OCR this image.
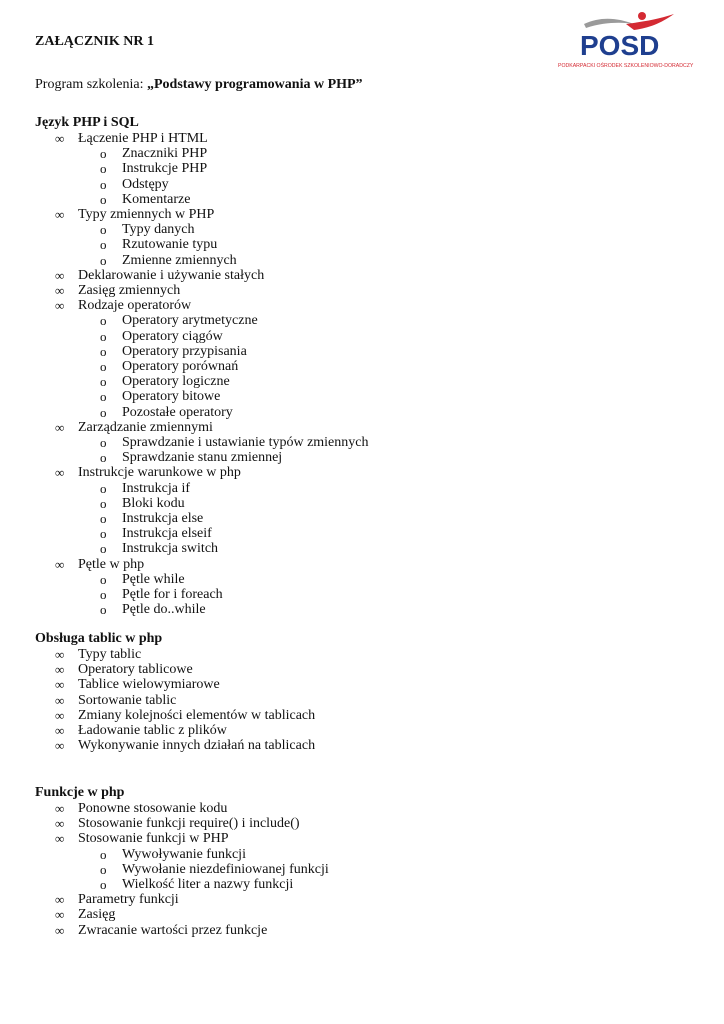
ZAŁĄCZNIK NR 1	POSD
PODKARPACKI OŚRODEK SZKOLENIOWO-DORADCZY
Program szkolenia: „Podstawy programowania w PHP”
Język PHP i SQL
∞ Łączenie PHP i HTML
o Znaczniki PHP
o Instrukcje PHP
o Odstępy
o Komentarze
∞ Typy zmiennych w PHP
o Typy danych
o Rzutowanie typu
o Zmienne zmiennych
∞ Deklarowanie i używanie stałych
∞ Zasięg zmiennych
∞ Rodzaje operatorów
o Operatory arytmetyczne
o Operatory ciągów
o Operatory przypisania
o Operatory porównań
o Operatory logiczne
o Operatory bitowe
o Pozostałe operatory
∞ Zarządzanie zmiennymi
o Sprawdzanie i ustawianie typów zmiennych
o Sprawdzanie stanu zmiennej
∞ Instrukcje warunkowe w php
o Instrukcja if
o Bloki kodu
o Instrukcja else
o Instrukcja elseif
o Instrukcja switch
∞ Pętle w php
o Pętle while
o Pętle for i foreach
o Pętle do..while
Obsługa tablic w php
∞ Typy tablic
∞ Operatory tablicowe
∞ Tablice wielowymiarowe
∞ Sortowanie tablic
∞ Zmiany kolejności elementów w tablicach
∞ Ładowanie tablic z plików
∞ Wykonywanie innych działań na tablicach
Funkcje w php
∞ Ponowne stosowanie kodu
∞ Stosowanie funkcji require() i include()
∞ Stosowanie funkcji w PHP
o Wywoływanie funkcji
o Wywołanie niezdefiniowanej funkcji
o Wielkość liter a nazwy funkcji
∞ Parametry funkcji
∞ Zasięg
∞ Zwracanie wartości przez funkcje
